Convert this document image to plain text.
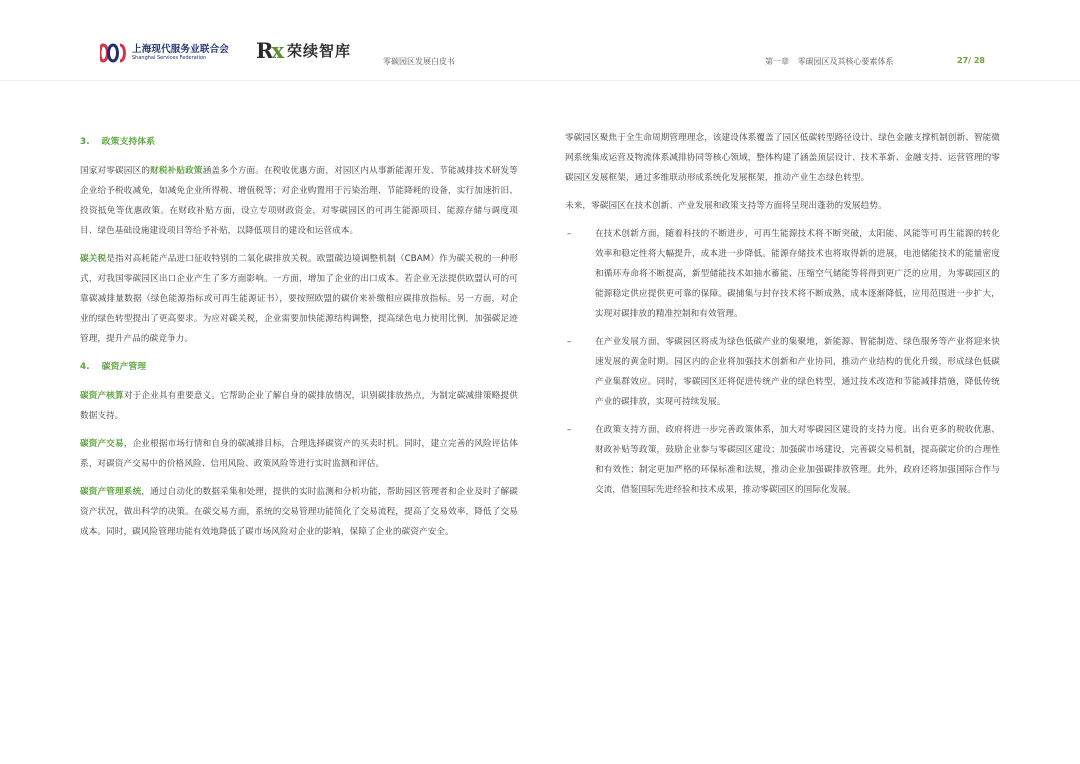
上海现代服务业联合会
Shanghai Services Federation	Rx 荣续智库
零碳园区发展白皮书	第一章 零碳园区及其核心要素体系	27/ 28
3. 政策支持体系

国家对零碳园区的财税补贴政策涵盖多个方面。在税收优惠方面，对园区内从事新能源开发、节能减排技术研发等企业给予税收减免，如减免企业所得税、增值税等；对企业购置用于污染治理、节能降耗的设备，实行加速折旧、投资抵免等优惠政策。在财政补贴方面，设立专项财政资金，对零碳园区的可再生能源项目、能源存储与调度项目、绿色基础设施建设项目等给予补贴，以降低项目的建设和运营成本。

碳关税是指对高耗能产品进口征收特别的二氧化碳排放关税。欧盟碳边境调整机制（CBAM）作为碳关税的一种形式，对我国零碳园区出口企业产生了多方面影响。一方面，增加了企业的出口成本。若企业无法提供欧盟认可的可靠碳减排量数据（绿色能源指标或可再生能源证书），要按照欧盟的碳价来补缴相应碳排放指标。另一方面，对企业的绿色转型提出了更高要求。为应对碳关税，企业需要加快能源结构调整，提高绿色电力使用比例，加强碳足迹管理，提升产品的碳竞争力。

4. 碳资产管理

碳资产核算对于企业具有重要意义。它帮助企业了解自身的碳排放情况，识别碳排放热点，为制定碳减排策略提供数据支持。

碳资产交易，企业根据市场行情和自身的碳减排目标，合理选择碳资产的买卖时机。同时，建立完善的风险评估体系，对碳资产交易中的价格风险、信用风险、政策风险等进行实时监测和评估。

碳资产管理系统，通过自动化的数据采集和处理，提供的实时监测和分析功能，帮助园区管理者和企业及时了解碳资产状况，做出科学的决策。在碳交易方面，系统的交易管理功能简化了交易流程，提高了交易效率，降低了交易成本。同时，碳风险管理功能有效地降低了碳市场风险对企业的影响，保障了企业的碳资产安全。

零碳园区聚焦于全生命周期管理理念，该建设体系覆盖了园区低碳转型路径设计、绿色金融支撑机制创新、智能微网系统集成运营及物流体系减排协同等核心领域，整体构建了涵盖顶层设计、技术革新、金融支持、运营管理的零碳园区发展框架，通过多维联动形成系统化发展框架，推动产业生态绿色转型。

未来，零碳园区在技术创新、产业发展和政策支持等方面将呈现出蓬勃的发展趋势。

–	在技术创新方面，随着科技的不断进步，可再生能源技术将不断突破，太阳能、风能等可再生能源的转化效率和稳定性将大幅提升，成本进一步降低。能源存储技术也将取得新的进展，电池储能技术的能量密度和循环寿命将不断提高，新型储能技术如抽水蓄能、压缩空气储能等将得到更广泛的应用，为零碳园区的能源稳定供应提供更可靠的保障。碳捕集与封存技术将不断成熟，成本逐渐降低，应用范围进一步扩大，实现对碳排放的精准控制和有效管理。
–	在产业发展方面，零碳园区将成为绿色低碳产业的集聚地，新能源、智能制造、绿色服务等产业将迎来快速发展的黄金时期。园区内的企业将加强技术创新和产业协同，推动产业结构的优化升级，形成绿色低碳产业集群效应。同时，零碳园区还将促进传统产业的绿色转型，通过技术改造和节能减排措施，降低传统产业的碳排放，实现可持续发展。
–	在政策支持方面，政府将进一步完善政策体系，加大对零碳园区建设的支持力度。出台更多的税收优惠、财政补贴等政策，鼓励企业参与零碳园区建设；加强碳市场建设，完善碳交易机制，提高碳定价的合理性和有效性；制定更加严格的环保标准和法规，推动企业加强碳排放管理。此外，政府还将加强国际合作与交流，借鉴国际先进经验和技术成果，推动零碳园区的国际化发展。
